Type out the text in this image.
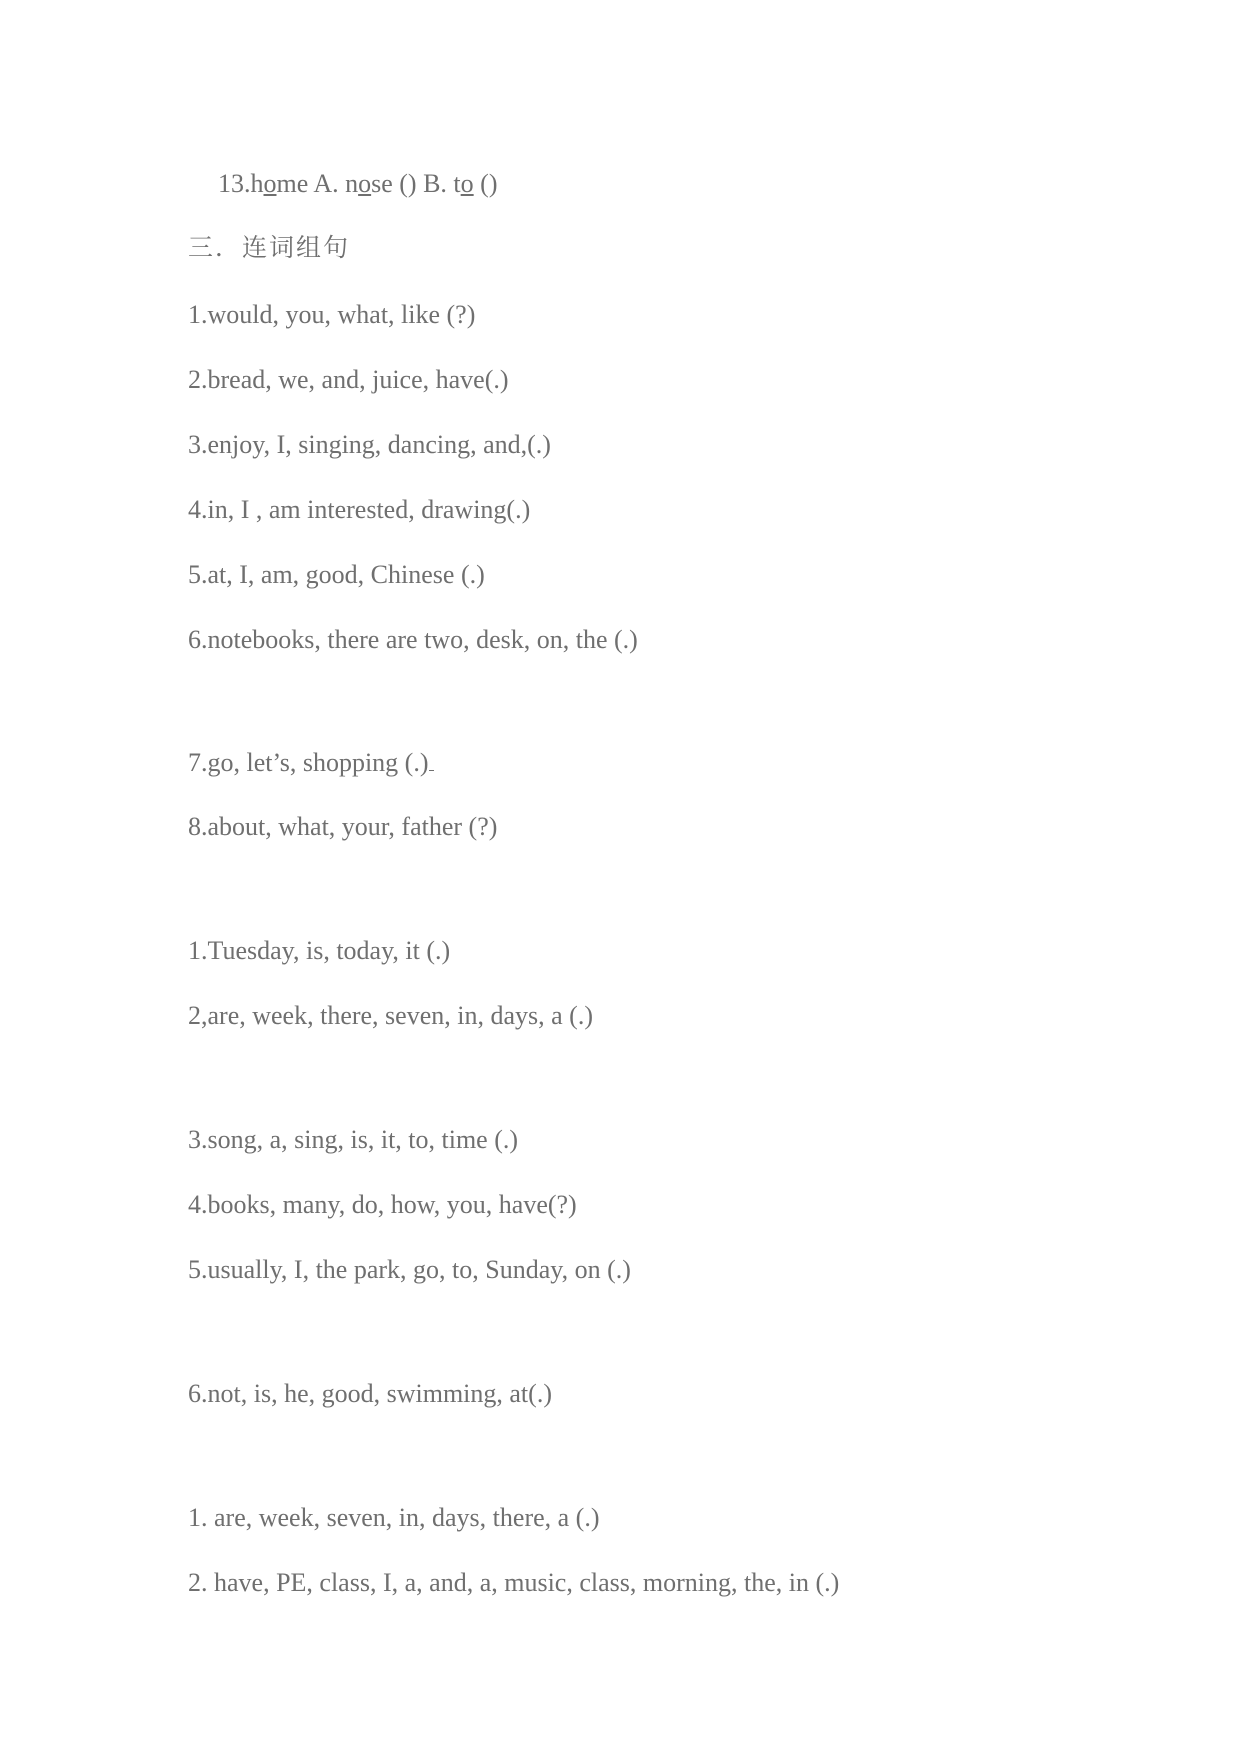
13.home A. nose () B. to ()
三．连词组句
1.would, you, what, like (?)
2.bread, we, and, juice, have(.)
3.enjoy, I, singing, dancing, and,(.)
4.in, I , am interested, drawing(.)
5.at, I, am, good, Chinese (.)
6.notebooks, there are two, desk, on, the (.)
7.go, let’s, shopping (.)
8.about, what, your, father (?)
1.Tuesday, is, today, it (.)
2,are, week, there, seven, in, days, a (.)
3.song, a, sing, is, it, to, time (.)
4.books, many, do, how, you, have(?)
5.usually, I, the park, go, to, Sunday, on (.)
6.not, is, he, good, swimming, at(.)
1. are, week, seven, in, days, there, a (.)
2. have, PE, class, I, a, and, a, music, class, morning, the, in (.)
